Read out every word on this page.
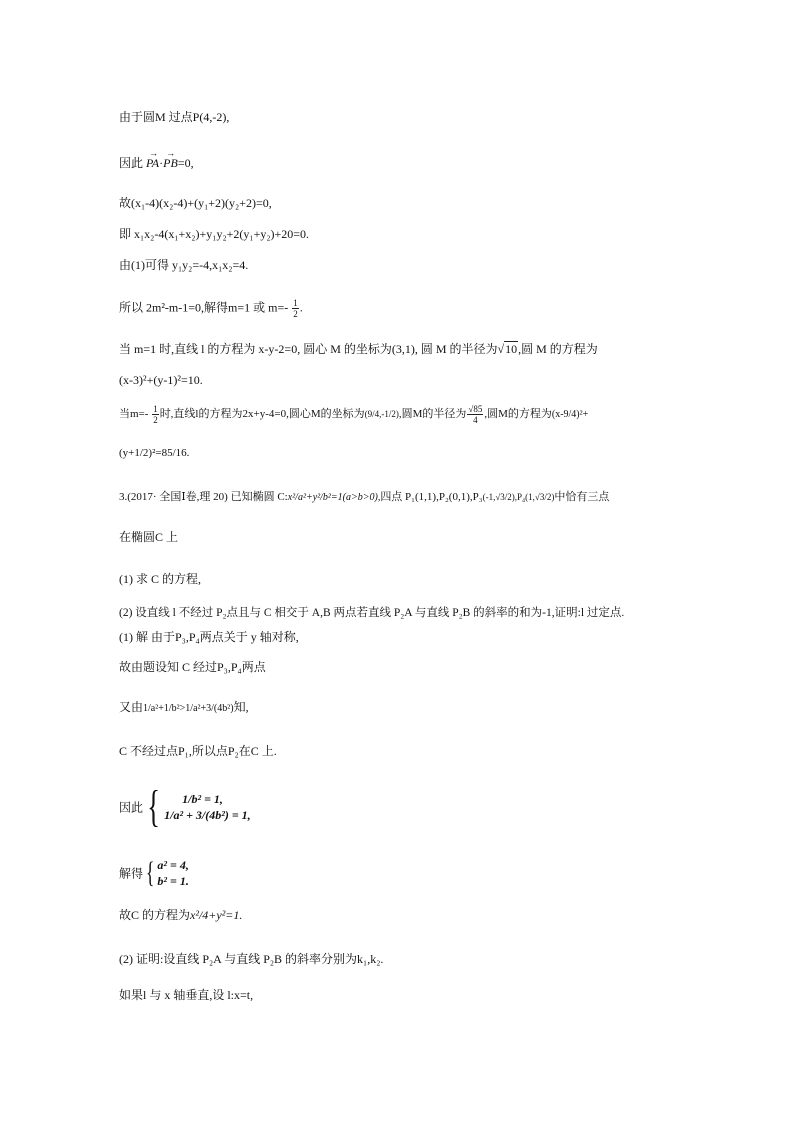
由于圆M 过点P(4,-2),
因此 → PA·→ PB=0,
故(x₁-4)(x₂-4)+(y₁+2)(y₂+2)=0,
即 x₁x₂-4(x₁+x₂)+y₁y₂+2(y₁+y₂)+20=0.
由(1)可得 y₁y₂=-4,x₁x₂=4.
所以 2m²-m-1=0,解得m=1 或 $m=- \frac{1}{2}$ .
当 m=1 时,直线 l 的方程为 x-y-2=0, 圆心 M 的坐标为(3,1), 圆 M 的半径为√10,圆 M 的方程为
(x-3)²+(y-1)²=10.
当$m=- \frac{1}{2}$ 时,直线l的方程为2x+y-4=0,圆心M的坐标为(9/4,-1/2),圆M的半径为 $\frac{√85}{4}$ ,圆M的方程为(x-9/4)²+
(y+1/2)²=85/16.
3.(2017· 全国Ⅰ卷,理 20) 已知椭圆 C:x²/a²+y²/b²=1(a>b>0),四点 P₁(1,1),P₂(0,1),P₃(-1,√3/2),P₄(1,√3/2)中恰有三点
在椭圆C 上
(1) 求 C 的方程,
(2) 设直线 l 不经过 P₂点且与 C 相交于 A,B 两点若直线 P₂A 与直线 P₂B 的斜率的和为-1,证明:l 过定点.
(1) 解 由于P₃,P₄两点关于 y 轴对称,
故由题设知 C 经过P₃,P₄两点
又由1/a²+1/b²>1/a²+3/(4b²)知,
C 不经过点P₁,所以点P₂在C 上.
因此 {	1/b² = 1,
1/a² + 3/(4b²) = 1,
解得 { a² = 4,
b² = 1.
故C 的方程为x²/4+y²=1.
(2) 证明:设直线 P₂A 与直线 P₂B 的斜率分别为k₁,k₂.
如果l 与 x 轴垂直,设 l:x=t,
